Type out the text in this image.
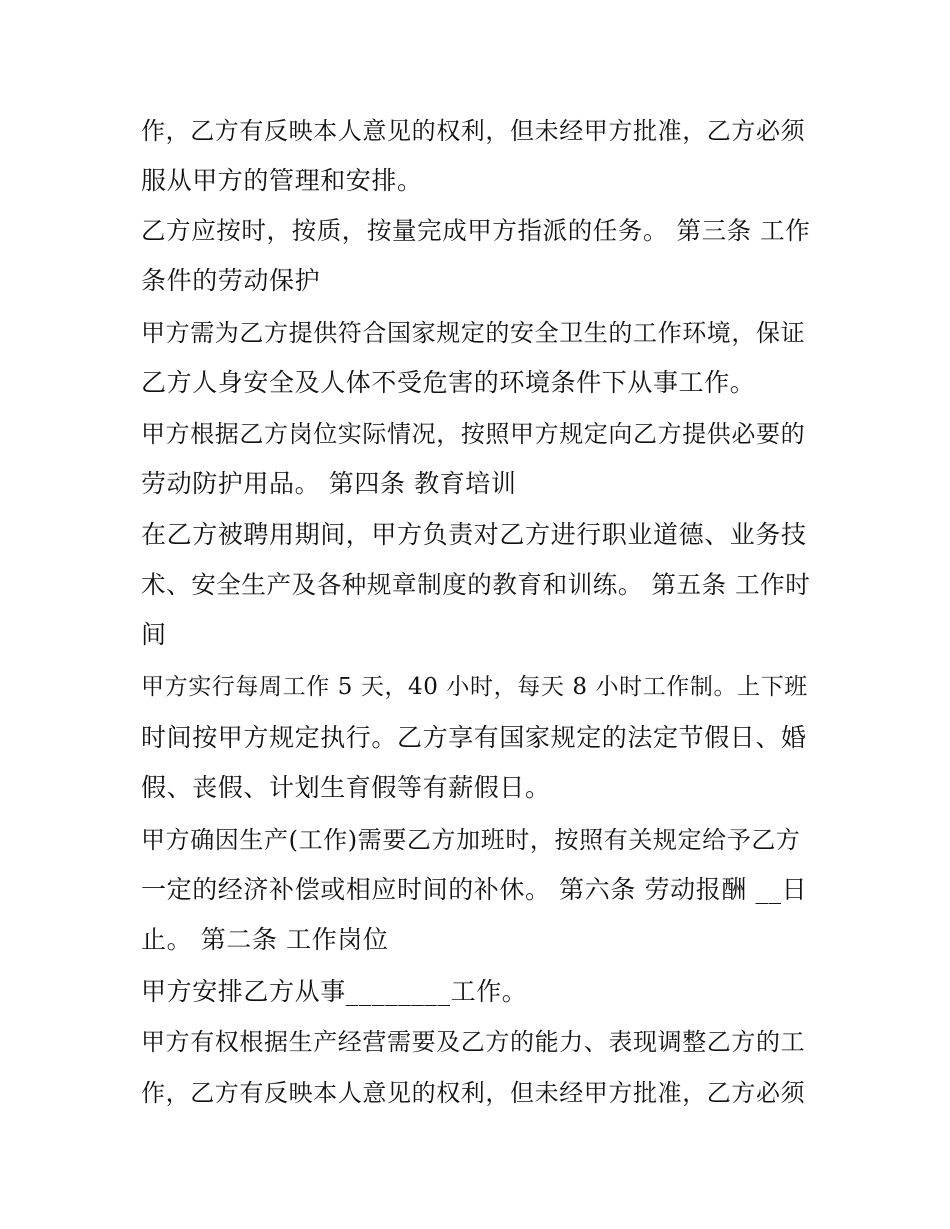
作，乙方有反映本人意见的权利，但未经甲方批准，乙方必须
服从甲方的管理和安排。
乙方应按时，按质，按量完成甲方指派的任务。 第三条 工作
条件的劳动保护
甲方需为乙方提供符合国家规定的安全卫生的工作环境，保证
乙方人身安全及人体不受危害的环境条件下从事工作。
甲方根据乙方岗位实际情况，按照甲方规定向乙方提供必要的
劳动防护用品。 第四条 教育培训
在乙方被聘用期间，甲方负责对乙方进行职业道德、业务技
术、安全生产及各种规章制度的教育和训练。 第五条 工作时
间
甲方实行每周工作 5 天，40 小时，每天 8 小时工作制。上下班
时间按甲方规定执行。乙方享有国家规定的法定节假日、婚
假、丧假、计划生育假等有薪假日。
甲方确因生产(工作)需要乙方加班时，按照有关规定给予乙方
一定的经济补偿或相应时间的补休。 第六条 劳动报酬 __日
止。 第二条 工作岗位
甲方安排乙方从事________工作。
甲方有权根据生产经营需要及乙方的能力、表现调整乙方的工
作，乙方有反映本人意见的权利，但未经甲方批准，乙方必须
